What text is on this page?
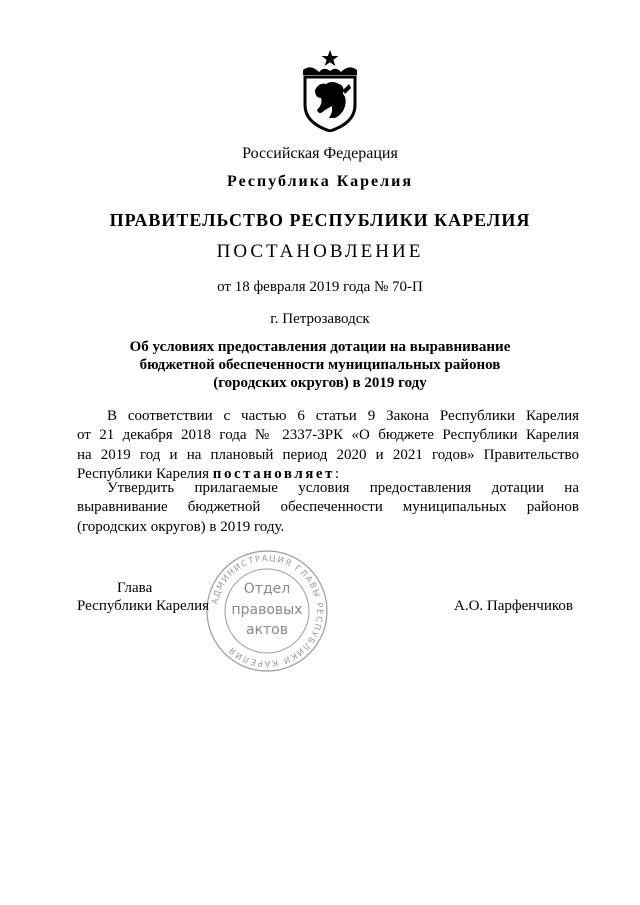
Российская Федерация
Республика Карелия
ПРАВИТЕЛЬСТВО РЕСПУБЛИКИ КАРЕЛИЯ
ПОСТАНОВЛЕНИЕ
от 18 февраля 2019 года № 70-П
г. Петрозаводск
Об условиях предоставления дотации на выравнивание
бюджетной обеспеченности муниципальных районов
(городских округов) в 2019 году
В соответствии с частью 6 статьи 9 Закона Республики Карелия
от 21 декабря 2018 года № 2337-ЗРК «О бюджете Республики Карелия
на 2019 год и на плановый период 2020 и 2021 годов» Правительство
Республики Карелия постановляет:
Утвердить прилагаемые условия предоставления дотации на
выравнивание бюджетной обеспеченности муниципальных районов
(городских округов) в 2019 году.
АДМИНИСТРАЦИЯ ГЛАВЫ РЕСПУБЛИКИ КАРЕЛИЯ
Отдел
правовых
актов
Глава
Республики Карелия	А.О. Парфенчиков
